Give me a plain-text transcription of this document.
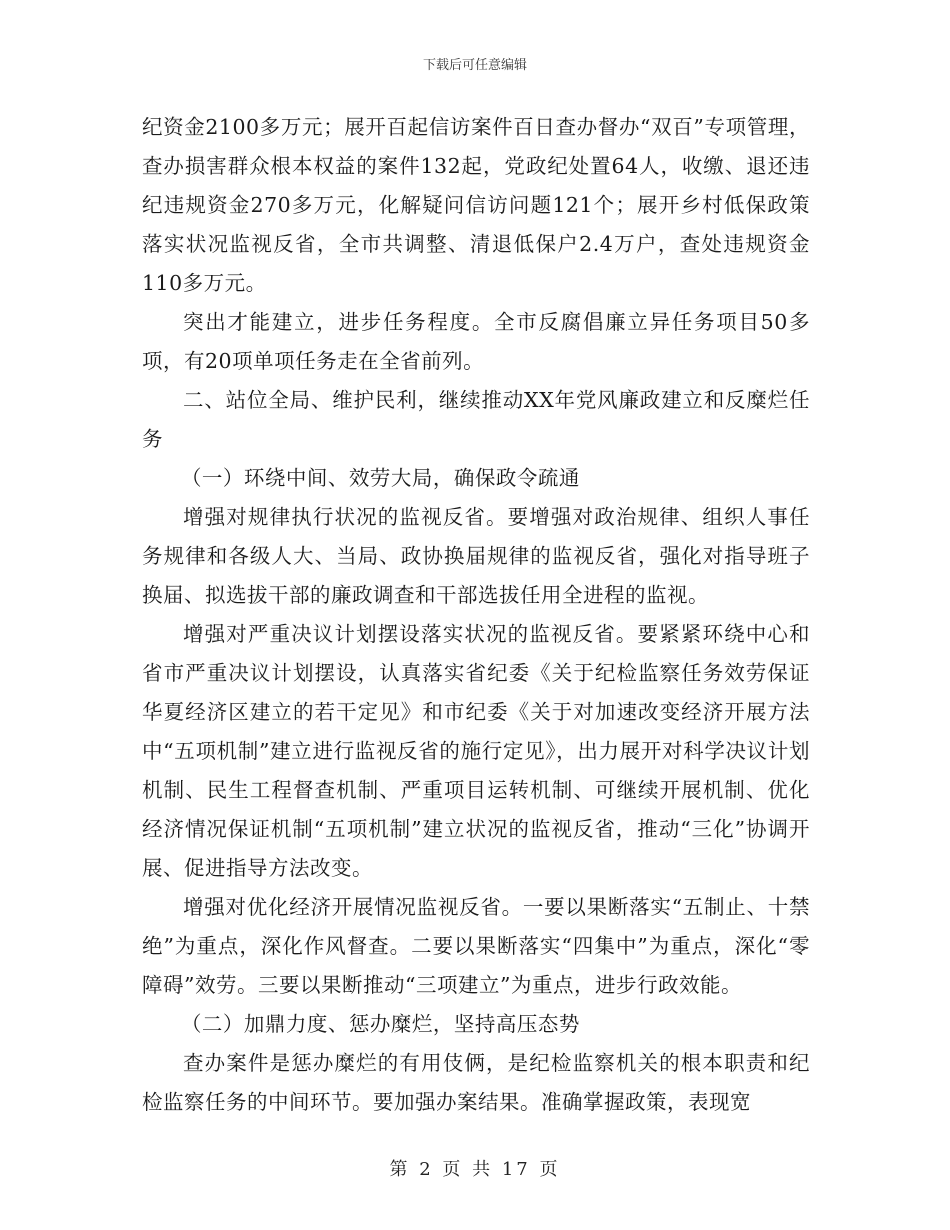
下载后可任意编辑

纪资金2100多万元；展开百起信访案件百日查办督办“双百”专项管理，查办损害群众根本权益的案件132起，党政纪处置64人，收缴、退还违纪违规资金270多万元，化解疑问信访问题121个；展开乡村低保政策落实状况监视反省，全市共调整、清退低保户2.4万户，查处违规资金110多万元。

突出才能建立，进步任务程度。全市反腐倡廉立异任务项目50多项，有20项单项任务走在全省前列。

二、站位全局、维护民利，继续推动XX年党风廉政建立和反糜烂任务

（一）环绕中间、效劳大局，确保政令疏通

增强对规律执行状况的监视反省。要增强对政治规律、组织人事任务规律和各级人大、当局、政协换届规律的监视反省，强化对指导班子换届、拟选拔干部的廉政调查和干部选拔任用全进程的监视。

增强对严重决议计划摆设落实状况的监视反省。要紧紧环绕中心和省市严重决议计划摆设，认真落实省纪委《关于纪检监察任务效劳保证华夏经济区建立的若干定见》和市纪委《关于对加速改变经济开展方法中“五项机制”建立进行监视反省的施行定见》，出力展开对科学决议计划机制、民生工程督查机制、严重项目运转机制、可继续开展机制、优化经济情况保证机制“五项机制”建立状况的监视反省，推动“三化”协调开展、促进指导方法改变。

增强对优化经济开展情况监视反省。一要以果断落实“五制止、十禁绝”为重点，深化作风督查。二要以果断落实“四集中”为重点，深化“零障碍”效劳。三要以果断推动“三项建立”为重点，进步行政效能。

（二）加鼎力度、惩办糜烂，坚持高压态势

查办案件是惩办糜烂的有用伎俩，是纪检监察机关的根本职责和纪检监察任务的中间环节。要加强办案结果。准确掌握政策，表现宽

第 2 页 共 17 页
